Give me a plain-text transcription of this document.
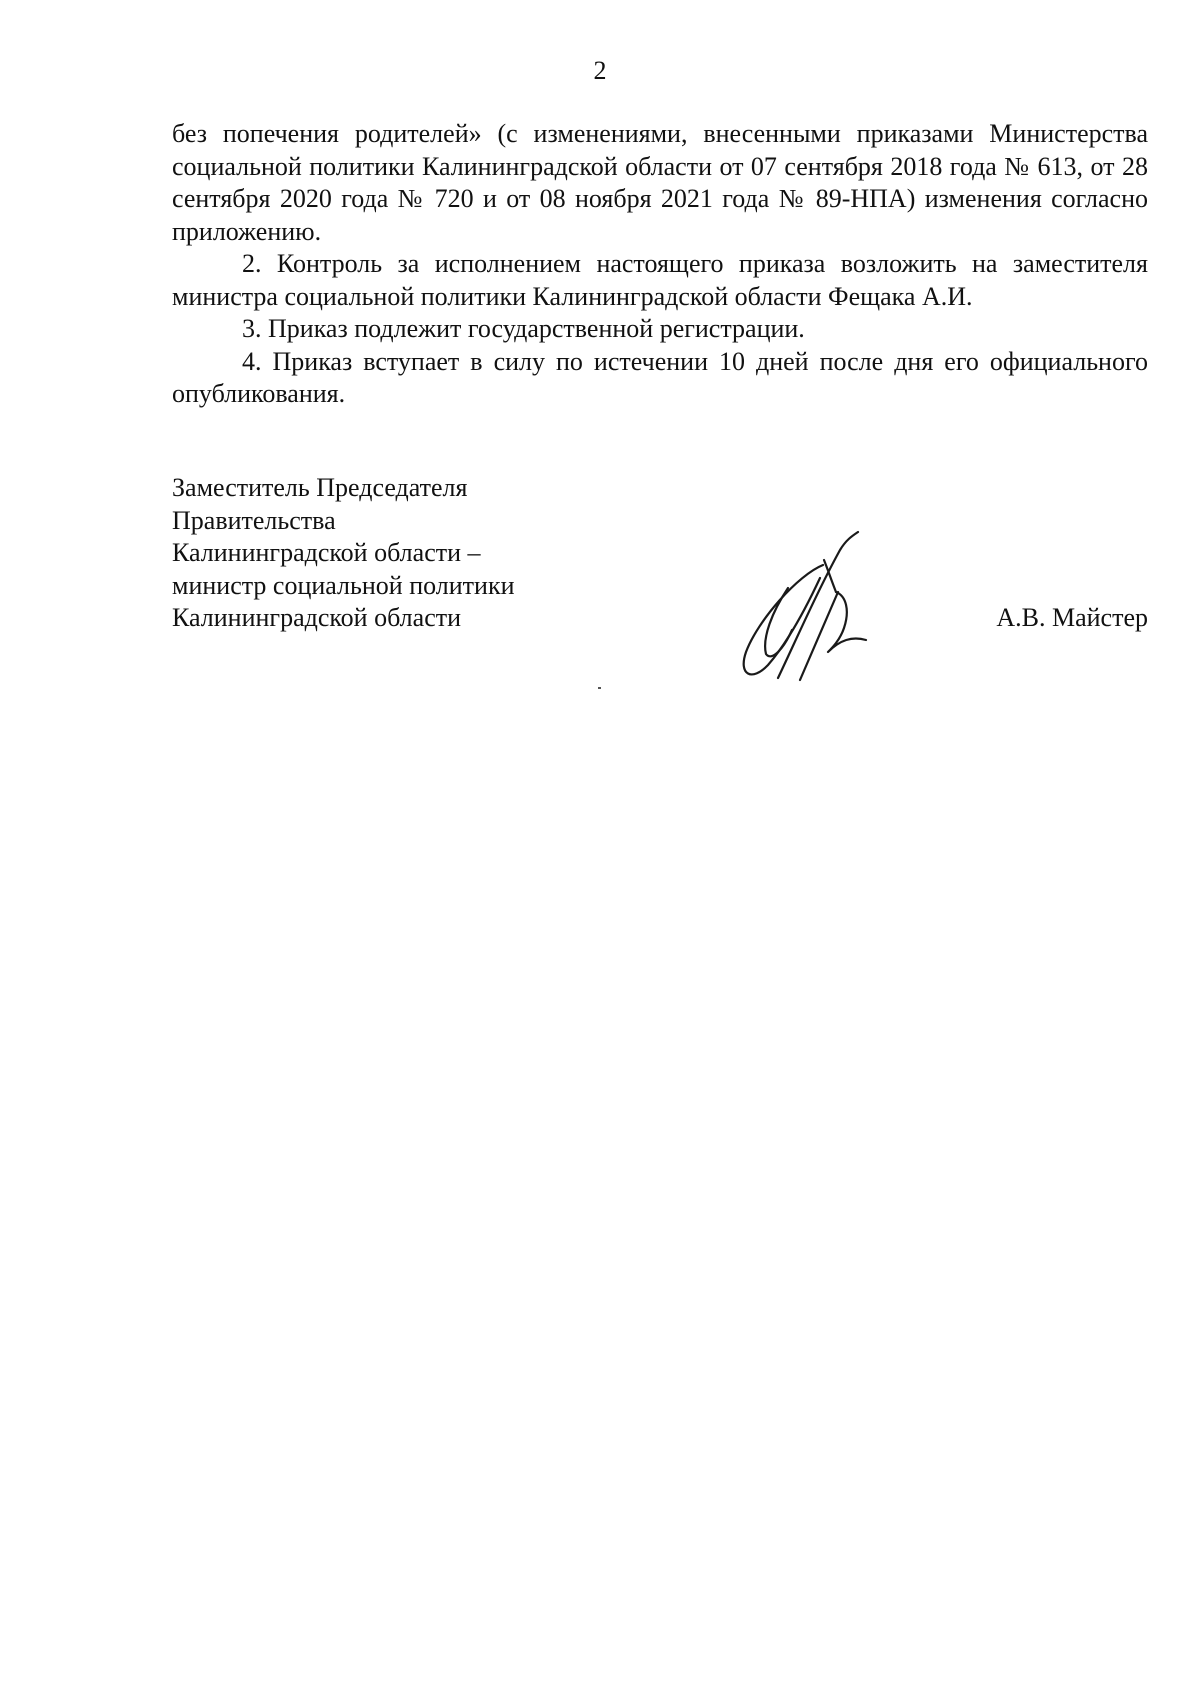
2

без попечения родителей» (с изменениями, внесенными приказами Министерства социальной политики Калининградской области от 07 сентября 2018 года № 613, от 28 сентября 2020 года № 720 и от 08 ноября 2021 года № 89-НПА) изменения согласно приложению.

2. Контроль за исполнением настоящего приказа возложить на заместителя министра социальной политики Калининградской области Фещака А.И.

3. Приказ подлежит государственной регистрации.

4. Приказ вступает в силу по истечении 10 дней после дня его официального опубликования.

Заместитель Председателя
Правительства
Калининградской области –
министр социальной политики
Калининградской области	А.В. Майстер
